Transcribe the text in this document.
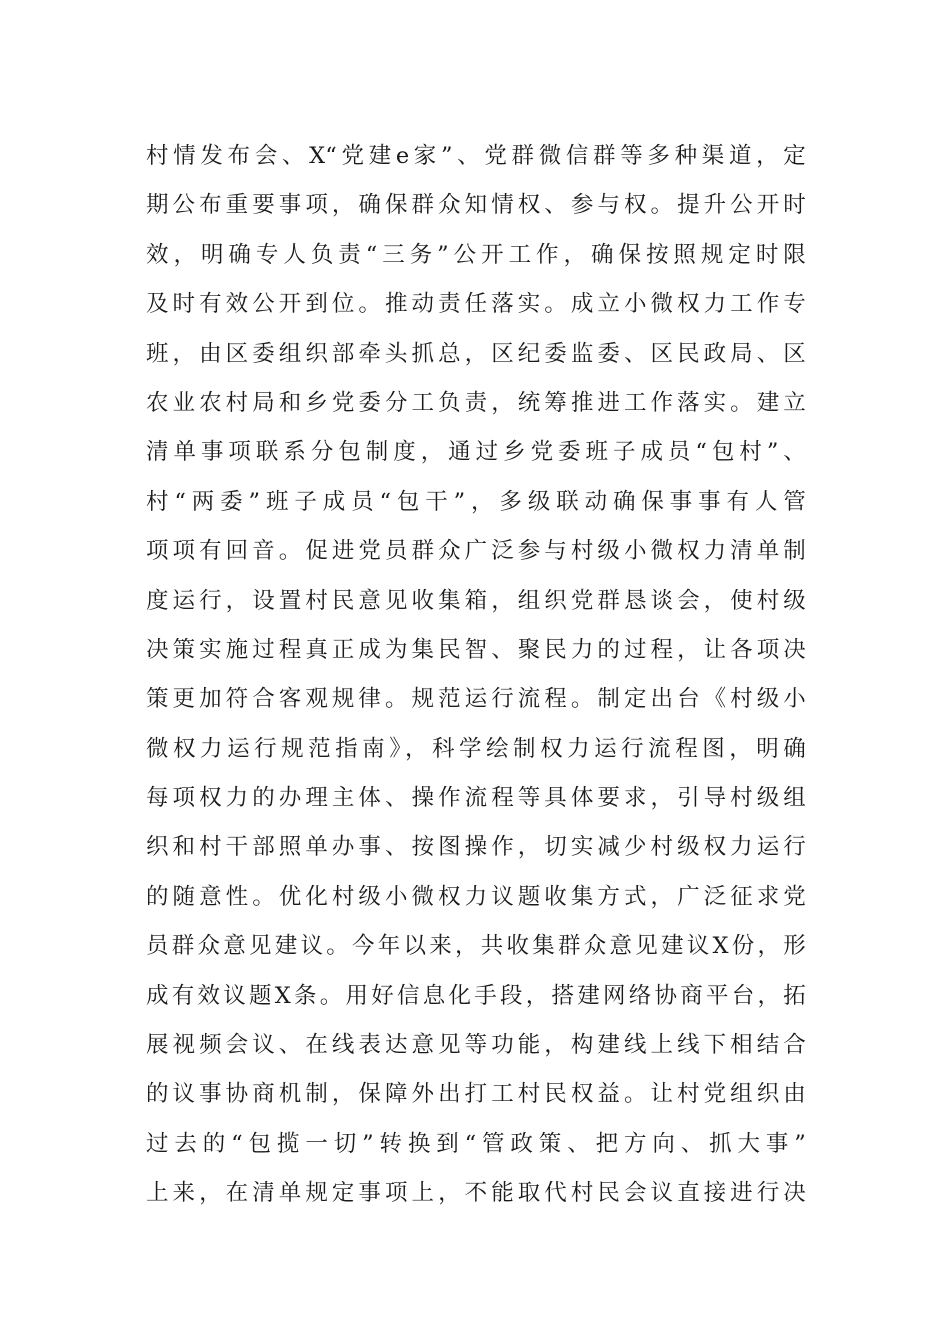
村情发布会、X“党建e家”、党群微信群等多种渠道，定
期公布重要事项，确保群众知情权、参与权。提升公开时
效，明确专人负责“三务”公开工作，确保按照规定时限
及时有效公开到位。推动责任落实。成立小微权力工作专
班，由区委组织部牵头抓总，区纪委监委、区民政局、区
农业农村局和乡党委分工负责，统筹推进工作落实。建立
清单事项联系分包制度，通过乡党委班子成员“包村”、
村“两委”班子成员“包干”，多级联动确保事事有人管
项项有回音。促进党员群众广泛参与村级小微权力清单制
度运行，设置村民意见收集箱，组织党群恳谈会，使村级
决策实施过程真正成为集民智、聚民力的过程，让各项决
策更加符合客观规律。规范运行流程。制定出台《村级小
微权力运行规范指南》，科学绘制权力运行流程图，明确
每项权力的办理主体、操作流程等具体要求，引导村级组
织和村干部照单办事、按图操作，切实减少村级权力运行
的随意性。优化村级小微权力议题收集方式，广泛征求党
员群众意见建议。今年以来，共收集群众意见建议X份，形
成有效议题X条。用好信息化手段，搭建网络协商平台，拓
展视频会议、在线表达意见等功能，构建线上线下相结合
的议事协商机制，保障外出打工村民权益。让村党组织由
过去的“包揽一切”转换到“管政策、把方向、抓大事”
上来，在清单规定事项上，不能取代村民会议直接进行决
